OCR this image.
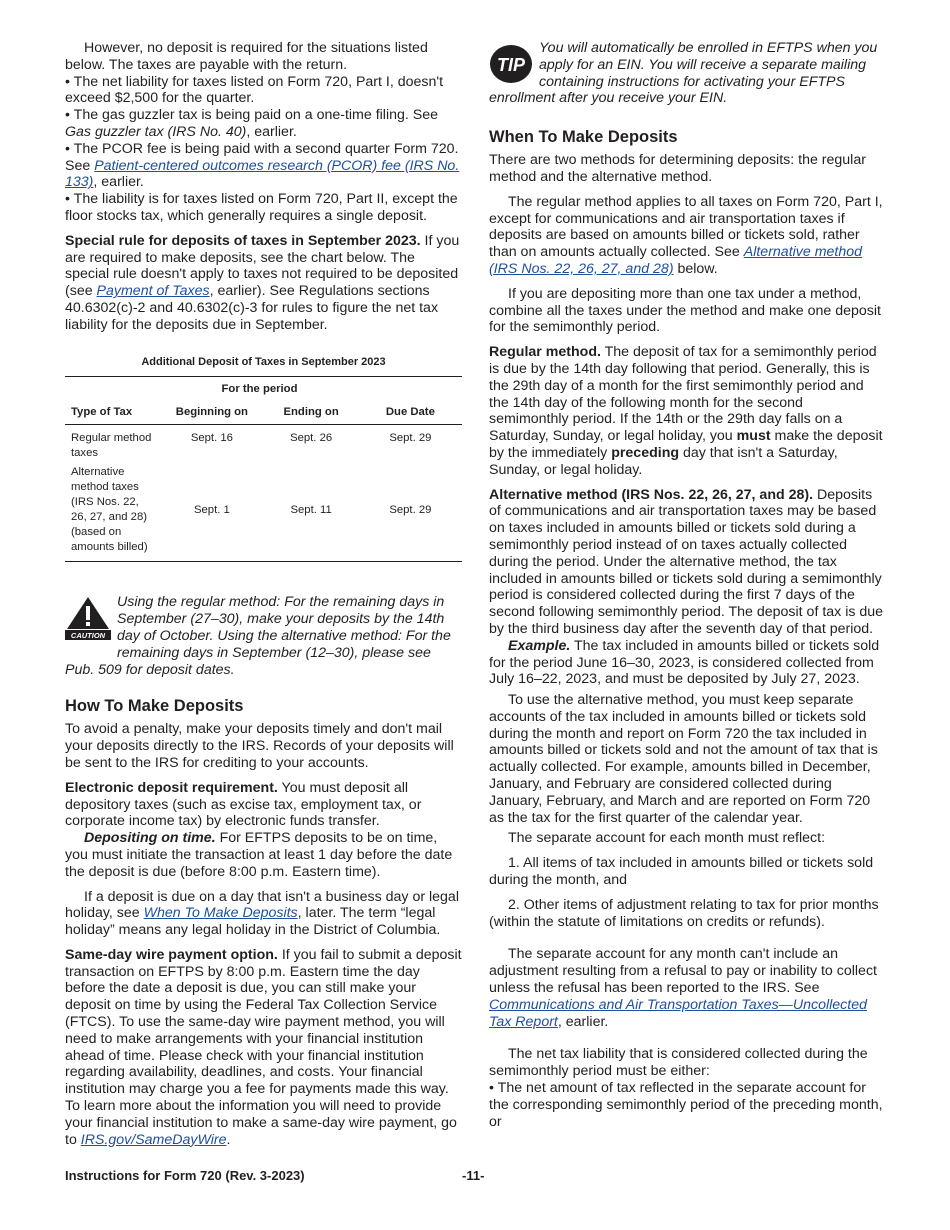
However, no deposit is required for the situations listed below. The taxes are payable with the return.

• The net liability for taxes listed on Form 720, Part I, doesn't exceed $2,500 for the quarter.

• The gas guzzler tax is being paid on a one-time filing. See Gas guzzler tax (IRS No. 40), earlier.

• The PCOR fee is being paid with a second quarter Form 720. See Patient-centered outcomes research (PCOR) fee (IRS No. 133), earlier.

• The liability is for taxes listed on Form 720, Part II, except the floor stocks tax, which generally requires a single deposit.

Special rule for deposits of taxes in September 2023. If you are required to make deposits, see the chart below. The special rule doesn't apply to taxes not required to be deposited (see Payment of Taxes, earlier). See Regulations sections 40.6302(c)-2 and 40.6302(c)-3 for rules to figure the net tax liability for the deposits due in September.

Additional Deposit of Taxes in September 2023
	For the period		
Type of Tax	Beginning on	Ending on	Due Date
Regular method taxes	Sept. 16	Sept. 26	Sept. 29
Alternative method taxes (IRS Nos. 22, 26, 27, and 28) (based on amounts billed)	Sept. 1	Sept. 11	Sept. 29
CAUTION
Using the regular method: For the remaining days in September (27–30), make your deposits by the 14th day of October. Using the alternative method: For the remaining days in September (12–30), please see Pub. 509 for deposit dates.
How To Make Deposits

To avoid a penalty, make your deposits timely and don't mail your deposits directly to the IRS. Records of your deposits will be sent to the IRS for crediting to your accounts.

Electronic deposit requirement. You must deposit all depository taxes (such as excise tax, employment tax, or corporate income tax) by electronic funds transfer.

Depositing on time. For EFTPS deposits to be on time, you must initiate the transaction at least 1 day before the date the deposit is due (before 8:00 p.m. Eastern time).

If a deposit is due on a day that isn't a business day or legal holiday, see When To Make Deposits, later. The term “legal holiday” means any legal holiday in the District of Columbia.

Same-day wire payment option. If you fail to submit a deposit transaction on EFTPS by 8:00 p.m. Eastern time the day before the date a deposit is due, you can still make your deposit on time by using the Federal Tax Collection Service (FTCS). To use the same-day wire payment method, you will need to make arrangements with your financial institution ahead of time. Please check with your financial institution regarding availability, deadlines, and costs. Your financial institution may charge you a fee for payments made this way. To learn more about the information you will need to provide your financial institution to make a same-day wire payment, go to IRS.gov/SameDayWire.

TIP
You will automatically be enrolled in EFTPS when you apply for an EIN. You will receive a separate mailing containing instructions for activating your EFTPS enrollment after you receive your EIN.
When To Make Deposits

There are two methods for determining deposits: the regular method and the alternative method.

The regular method applies to all taxes on Form 720, Part I, except for communications and air transportation taxes if deposits are based on amounts billed or tickets sold, rather than on amounts actually collected. See Alternative method (IRS Nos. 22, 26, 27, and 28) below.

If you are depositing more than one tax under a method, combine all the taxes under the method and make one deposit for the semimonthly period.

Regular method. The deposit of tax for a semimonthly period is due by the 14th day following that period. Generally, this is the 29th day of a month for the first semimonthly period and the 14th day of the following month for the second semimonthly period. If the 14th or the 29th day falls on a Saturday, Sunday, or legal holiday, you must make the deposit by the immediately preceding day that isn't a Saturday, Sunday, or legal holiday.

Alternative method (IRS Nos. 22, 26, 27, and 28). Deposits of communications and air transportation taxes may be based on taxes included in amounts billed or tickets sold during a semimonthly period instead of on taxes actually collected during the period. Under the alternative method, the tax included in amounts billed or tickets sold during a semimonthly period is considered collected during the first 7 days of the second following semimonthly period. The deposit of tax is due by the third business day after the seventh day of that period.

Example. The tax included in amounts billed or tickets sold for the period June 16–30, 2023, is considered collected from July 16–22, 2023, and must be deposited by July 27, 2023.

To use the alternative method, you must keep separate accounts of the tax included in amounts billed or tickets sold during the month and report on Form 720 the tax included in amounts billed or tickets sold and not the amount of tax that is actually collected. For example, amounts billed in December, January, and February are considered collected during January, February, and March and are reported on Form 720 as the tax for the first quarter of the calendar year.

The separate account for each month must reflect:

1. All items of tax included in amounts billed or tickets sold during the month, and

2. Other items of adjustment relating to tax for prior months (within the statute of limitations on credits or refunds).

The separate account for any month can't include an adjustment resulting from a refusal to pay or inability to collect unless the refusal has been reported to the IRS. See Communications and Air Transportation Taxes—Uncollected Tax Report, earlier.

The net tax liability that is considered collected during the semimonthly period must be either:

• The net amount of tax reflected in the separate account for the corresponding semimonthly period of the preceding month, or

Instructions for Form 720 (Rev. 3-2023)	-11-
